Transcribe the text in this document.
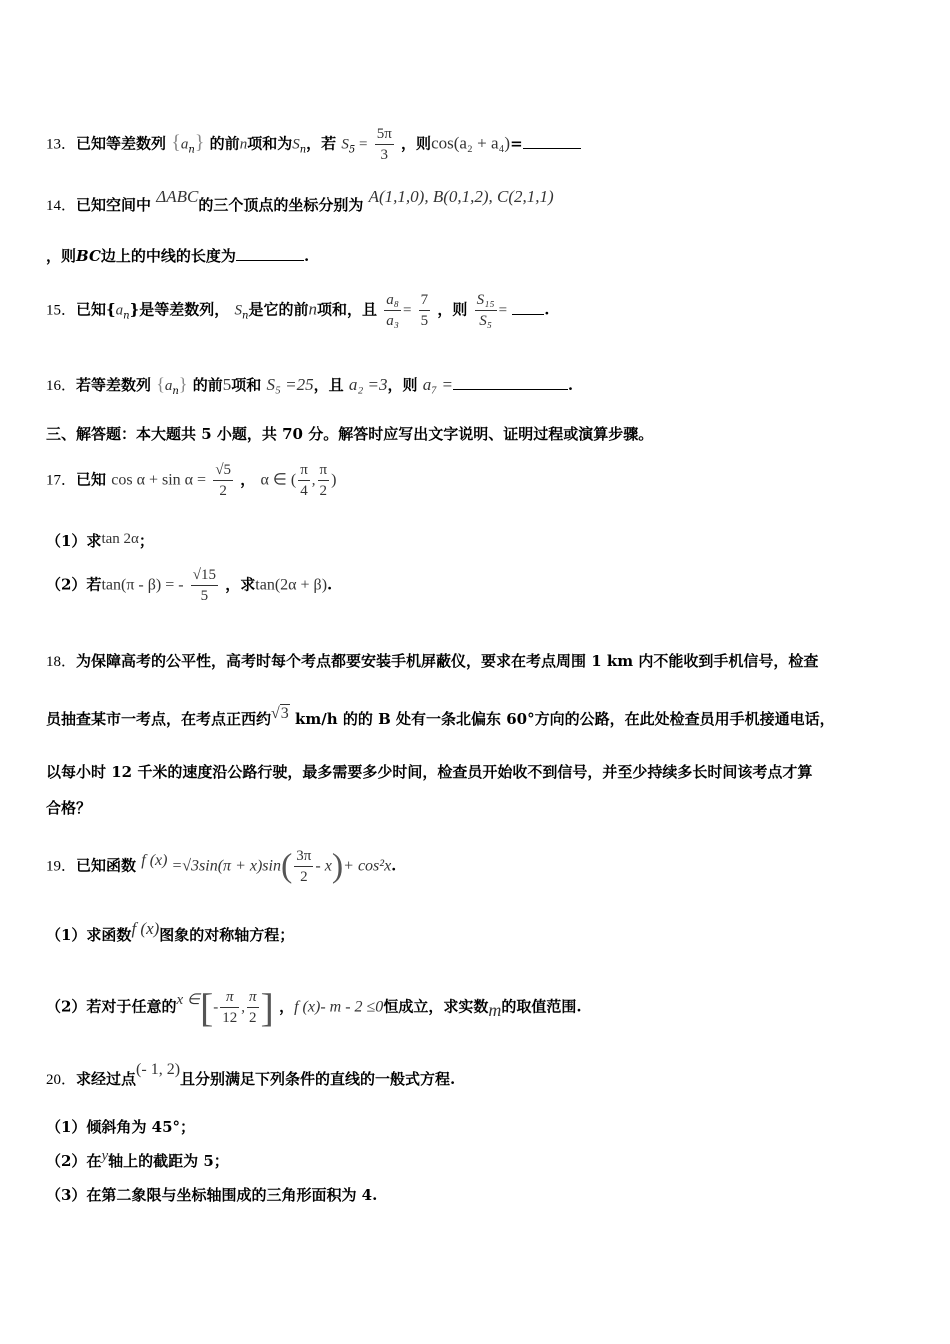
13．已知等差数列 $\{a_n\}$ 的前n项和为$S_n$，若 $S_5 = \frac{5\pi}{3}$ ，则cos(a₂ + a₄)=
14．已知空间中 ΔABC的三个顶点的坐标分别为 A(1,1,0), B(0,1,2), C(2,1,1)
，则BC边上的中线的长度为	.
15．已知$\{a_n\}$是等差数列， $S_n$是它的前n项和，且 $\frac{\text{a₈}}{\text{a₃}} = \frac{7}{5}$ ，则 $\frac{\text{S₁₅}}{\text{S₅}}$ = .
16．若等差数列 $\{a_n\}$ 的前5项和 S₅ =25，且 a₂ =3，则 a₇ =	.
三、解答题：本大题共 5 小题，共 70 分。解答时应写出文字说明、证明过程或演算步骤。
17．已知 $\cos \alpha + \sin \alpha = \frac{√5}{2}$ ， α ∈ ( $\frac{\pi}{4}$ , $\frac{\pi}{2}$ )
（1）求tan 2α；
（2）若tan(π - β) = - $\frac{√15}{5}$ ，求tan(2α + β).
18．为保障高考的公平性，高考时每个考点都要安装手机屏蔽仪，要求在考点周围 1 km 内不能收到手机信号，检查
员抽查某市一考点，在考点正西约√3 km/h 的的 B 处有一条北偏东 60°方向的公路，在此处检查员用手机接通电话，
以每小时 12 千米的速度沿公路行驶，最多需要多少时间，检查员开始收不到信号，并至少持续多长时间该考点才算
合格？
19．已知函数 f $(x) =√3\sin(\pi + x)\sin( \frac{3\pi}{2} - x)+ \cos^2x$.
（1）求函数f (x)图象的对称轴方程；
（2）若对于任意的x ∈[- $\frac{\pi}{12}$ , $\frac{\pi}{2}$ ] ，f (x)- m - 2 ≤0恒成立，求实数m的取值范围.
20．求经过点(- 1, 2)且分别满足下列条件的直线的一般式方程.
（1）倾斜角为 45°；
（2）在y轴上的截距为 5；
（3）在第二象限与坐标轴围成的三角形面积为 4.
